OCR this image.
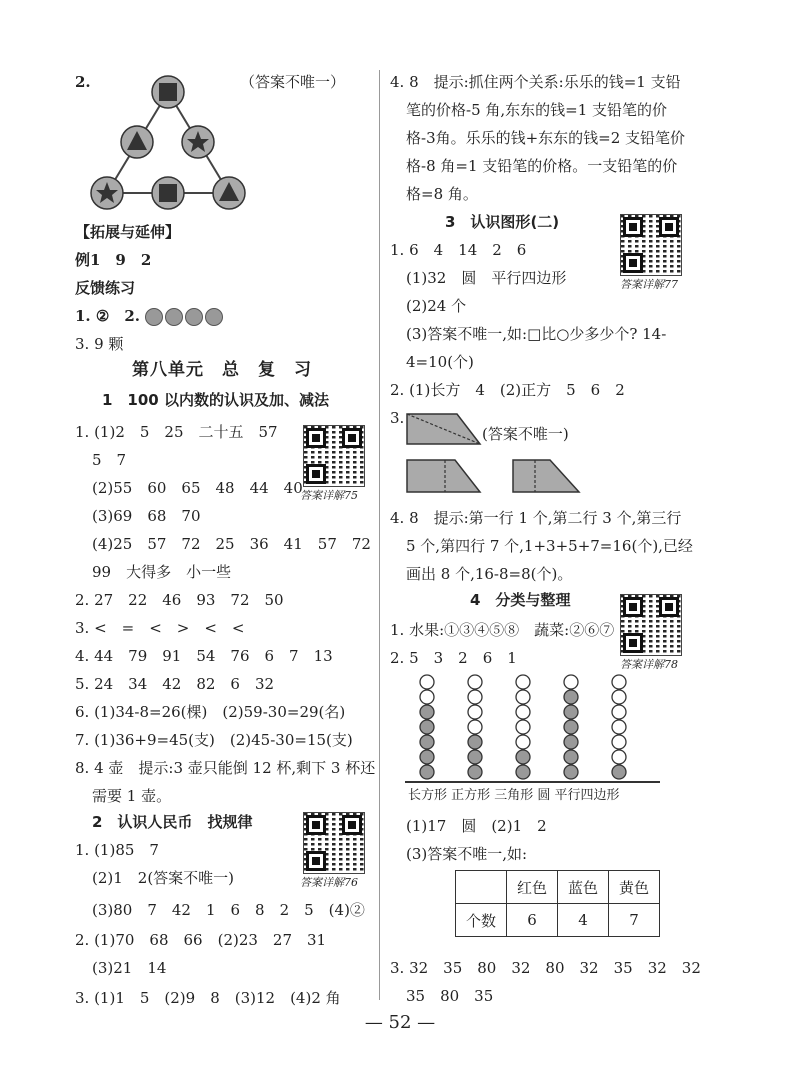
2.	（答案不唯一）
【拓展与延伸】
例1　9　2
反馈练习
1. ②　2.
3. 9 颗
第八单元　总　复　习
1　100 以内数的认识及加、减法
答案详解75
1. (1)2　5　25　二十五　57
5　7
(2)55　60　65　48　44　40
(3)69　68　70
(4)25　57　72　25　36　41　57　72
99　大得多　小一些
2. 27　22　46　93　72　50
3. <　=　<　>　<　<
4. 44　79　91　54　76　6　7　13
5. 24　34　42　82　6　32
6. (1)34-8=26(棵)　(2)59-30=29(名)
7. (1)36+9=45(支)　(2)45-30=15(支)
8. 4 壶　提示:3 壶只能倒 12 杯,剩下 3 杯还
需要 1 壶。
2　认识人民币　找规律
答案详解76
1. (1)85　7
(2)1　2(答案不唯一)
(3)80　7　42　1　6　8　2　5　(4)②
2. (1)70　68　66　(2)23　27　31
(3)21　14
3. (1)1　5　(2)9　8　(3)12　(4)2 角
4. 8　提示:抓住两个关系:乐乐的钱=1 支铅
笔的价格-5 角,东东的钱=1 支铅笔的价
格-3角。乐乐的钱+东东的钱=2 支铅笔价
格-8 角=1 支铅笔的价格。一支铅笔的价
格=8 角。
3　认识图形(二)
答案详解77
1. 6　4　14　2　6
(1)32　圆　平行四边形
(2)24 个
(3)答案不唯一,如:□比○少多少个? 14-
4=10(个)
2. (1)长方　4　(2)正方　5　6　2
3.
(答案不唯一)
4. 8　提示:第一行 1 个,第二行 3 个,第三行
5 个,第四行 7 个,1+3+5+7=16(个),已经
画出 8 个,16-8=8(个)。
4　分类与整理
答案详解78
1. 水果:①③④⑤⑧　蔬菜:②⑥⑦
2. 5　3　2　6　1
长方形 正方形 三角形 圆 平行四边形
(1)17　圆　(2)1　2
(3)答案不唯一,如:
	红色	蓝色	黄色
个数	6	4	7
3. 32　35　80　32　80　32　35　32　32
35　80　35
— 52 —
